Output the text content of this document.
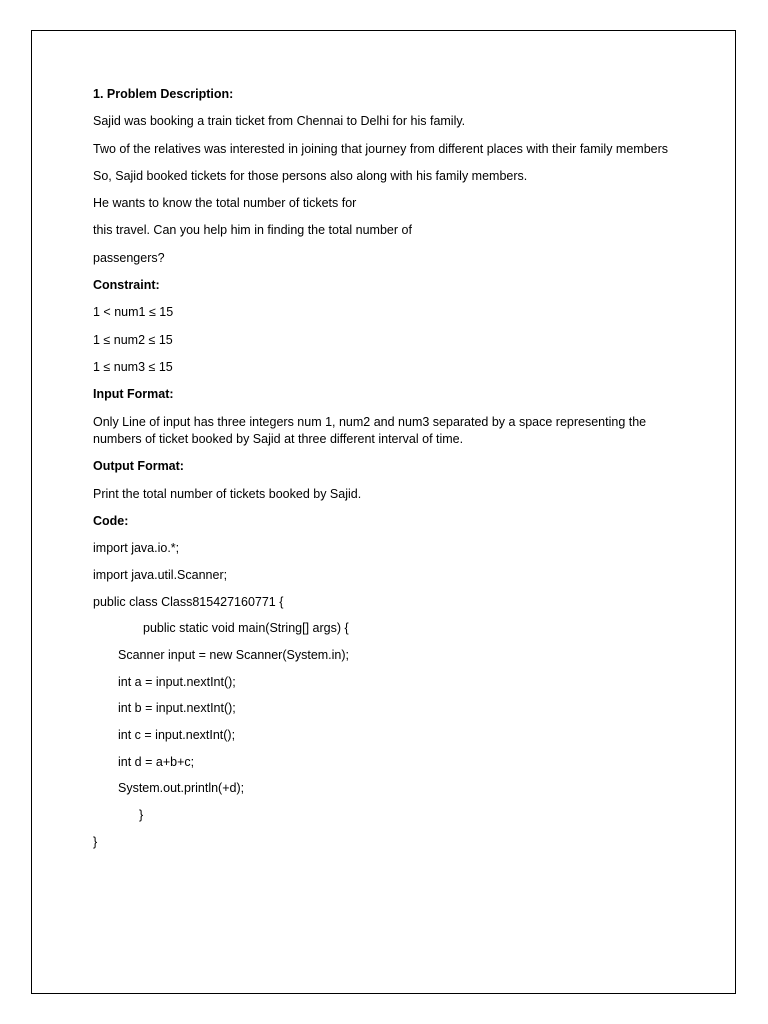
1. Problem Description:

Sajid was booking a train ticket from Chennai to Delhi for his family.

Two of the relatives was interested in joining that journey from different places with their family members

So, Sajid booked tickets for those persons also along with his family members.

He wants to know the total number of tickets for

this travel. Can you help him in finding the total number of

passengers?

Constraint:

1 < num1 ≤ 15

1 ≤ num2 ≤ 15

1 ≤ num3 ≤ 15

Input Format:

Only Line of input has three integers num 1, num2 and num3 separated by a space representing the numbers of ticket booked by Sajid at three different interval of time.

Output Format:

Print the total number of tickets booked by Sajid.

Code:

import java.io.*;

import java.util.Scanner;

public class Class815427160771 {

public static void main(String[] args) {

Scanner input = new Scanner(System.in);

int a = input.nextInt();

int b = input.nextInt();

int c = input.nextInt();

int d = a+b+c;

System.out.println(+d);

}

}
